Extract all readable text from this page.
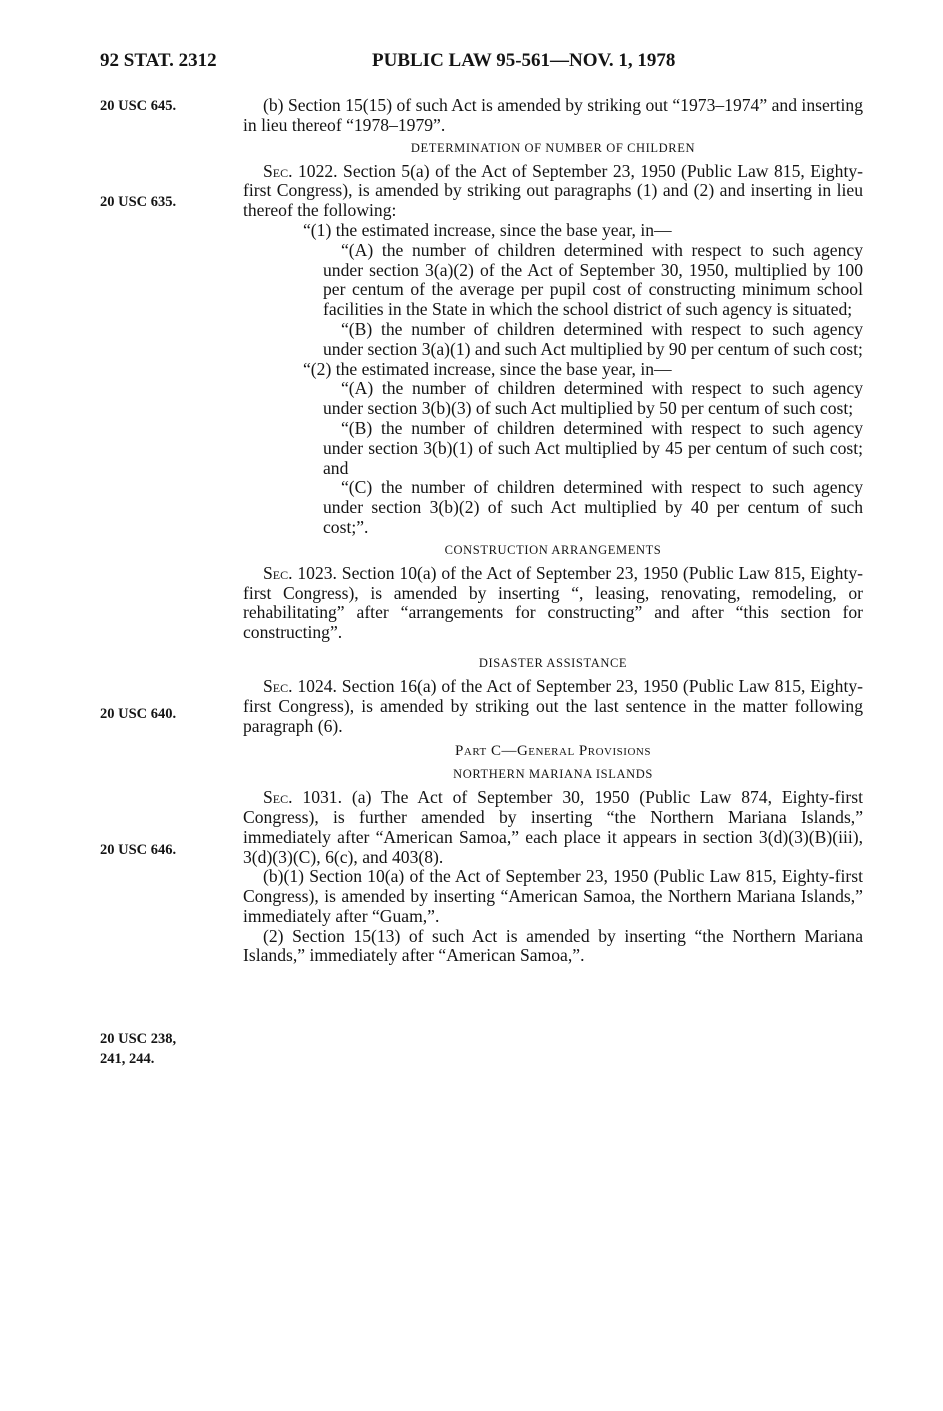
92 STAT. 2312	PUBLIC LAW 95-561—NOV. 1, 1978
20 USC 645.
20 USC 635.
20 USC 640.
20 USC 646.
20 USC 238,
241, 244.

(b) Section 15(15) of such Act is amended by striking out “1973–1974” and inserting in lieu thereof “1978–1979”.

DETERMINATION OF NUMBER OF CHILDREN

Sec. 1022. Section 5(a) of the Act of September 23, 1950 (Public Law 815, Eighty-first Congress), is amended by striking out paragraphs (1) and (2) and inserting in lieu thereof the following:

“(1) the estimated increase, since the base year, in—

“(A) the number of children determined with respect to such agency under section 3(a)(2) of the Act of September 30, 1950, multiplied by 100 per centum of the average per pupil cost of constructing minimum school facilities in the State in which the school district of such agency is situated;

“(B) the number of children determined with respect to such agency under section 3(a)(1) and such Act multiplied by 90 per centum of such cost;

“(2) the estimated increase, since the base year, in—

“(A) the number of children determined with respect to such agency under section 3(b)(3) of such Act multiplied by 50 per centum of such cost;

“(B) the number of children determined with respect to such agency under section 3(b)(1) of such Act multiplied by 45 per centum of such cost; and

“(C) the number of children determined with respect to such agency under section 3(b)(2) of such Act multiplied by 40 per centum of such cost;”.

CONSTRUCTION ARRANGEMENTS

Sec. 1023. Section 10(a) of the Act of September 23, 1950 (Public Law 815, Eighty-first Congress), is amended by inserting “, leasing, renovating, remodeling, or rehabilitating” after “arrangements for constructing” and after “this section for constructing”.

DISASTER ASSISTANCE

Sec. 1024. Section 16(a) of the Act of September 23, 1950 (Public Law 815, Eighty-first Congress), is amended by striking out the last sentence in the matter following paragraph (6).

Part C—General Provisions

NORTHERN MARIANA ISLANDS

Sec. 1031. (a) The Act of September 30, 1950 (Public Law 874, Eighty-first Congress), is further amended by inserting “the Northern Mariana Islands,” immediately after “American Samoa,” each place it appears in section 3(d)(3)(B)(iii), 3(d)(3)(C), 6(c), and 403(8).

(b)(1) Section 10(a) of the Act of September 23, 1950 (Public Law 815, Eighty-first Congress), is amended by inserting “American Samoa, the Northern Mariana Islands,” immediately after “Guam,”.

(2) Section 15(13) of such Act is amended by inserting “the Northern Mariana Islands,” immediately after “American Samoa,”.
